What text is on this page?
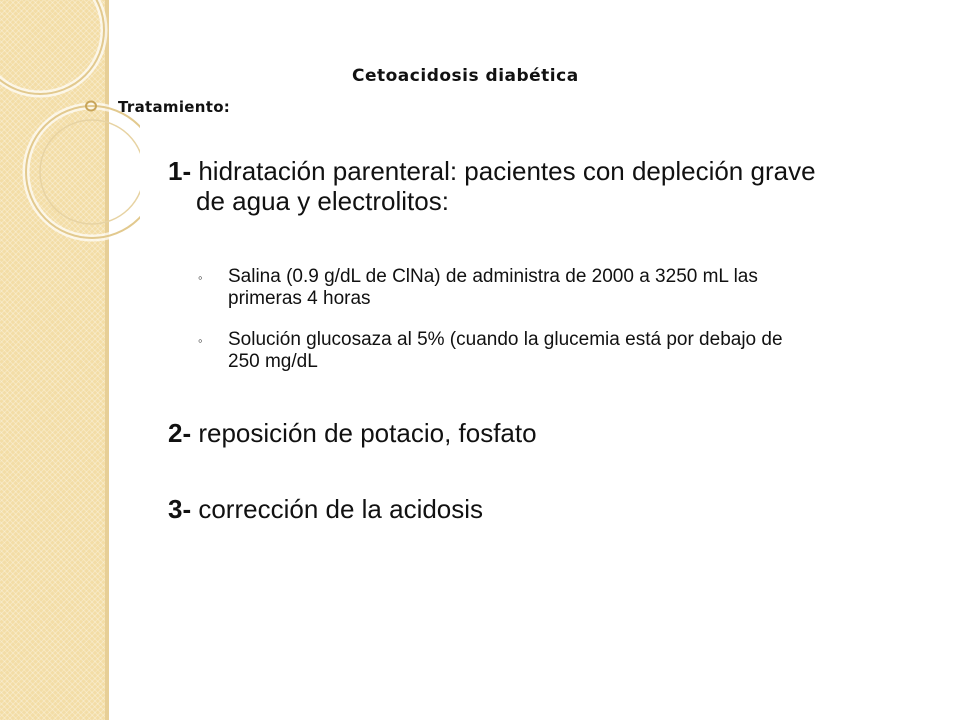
Cetoacidosis diabética
Tratamiento:
1- hidratación parenteral: pacientes con depleción grave
de agua y electrolitos:
◦	Salina (0.9 g/dL de ClNa) de administra de 2000 a 3250 mL las
primeras 4 horas
◦	Solución glucosaza al 5% (cuando la glucemia está por debajo de
250 mg/dL
2- reposición de potacio, fosfato
3- corrección de la acidosis
